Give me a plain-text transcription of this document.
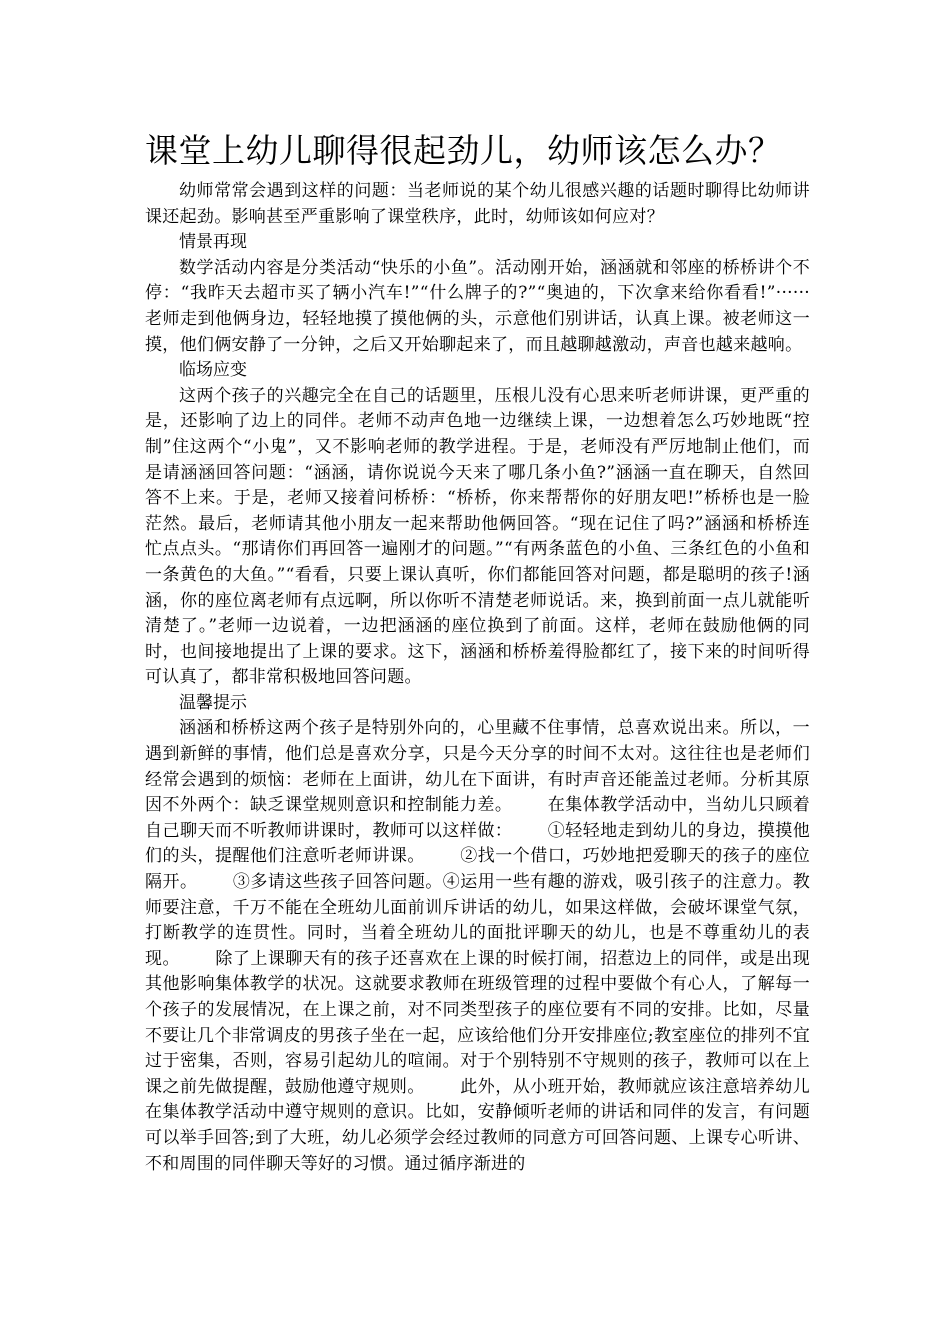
课堂上幼儿聊得很起劲儿，幼师该怎么办？

幼师常常会遇到这样的问题：当老师说的某个幼儿很感兴趣的话题时聊得比幼师讲课还起劲。影响甚至严重影响了课堂秩序，此时，幼师该如何应对？

情景再现

数学活动内容是分类活动“快乐的小鱼”。活动刚开始，涵涵就和邻座的桥桥讲个不停：“我昨天去超市买了辆小汽车!”“什么牌子的?”“奥迪的，下次拿来给你看看!”······  老师走到他俩身边，轻轻地摸了摸他俩的头，示意他们别讲话，认真上课。被老师这一摸，他们俩安静了一分钟，之后又开始聊起来了，而且越聊越激动，声音也越来越响。

临场应变

这两个孩子的兴趣完全在自己的话题里，压根儿没有心思来听老师讲课，更严重的是，还影响了边上的同伴。老师不动声色地一边继续上课，一边想着怎么巧妙地既“控制”住这两个“小鬼”，又不影响老师的教学进程。于是，老师没有严厉地制止他们，而是请涵涵回答问题：“涵涵，请你说说今天来了哪几条小鱼?”涵涵一直在聊天，自然回答不上来。于是，老师又接着问桥桥：“桥桥，你来帮帮你的好朋友吧!”桥桥也是一脸茫然。最后，老师请其他小朋友一起来帮助他俩回答。“现在记住了吗?”涵涵和桥桥连忙点点头。“那请你们再回答一遍刚才的问题。”“有两条蓝色的小鱼、三条红色的小鱼和一条黄色的大鱼。”“看看，只要上课认真听，你们都能回答对问题，都是聪明的孩子!涵涵，你的座位离老师有点远啊，所以你听不清楚老师说话。来，换到前面一点儿就能听清楚了。”老师一边说着，一边把涵涵的座位换到了前面。这样，老师在鼓励他俩的同时，也间接地提出了上课的要求。这下，涵涵和桥桥羞得脸都红了，接下来的时间听得可认真了，都非常积极地回答问题。

温馨提示

涵涵和桥桥这两个孩子是特别外向的，心里藏不住事情，总喜欢说出来。所以，一遇到新鲜的事情，他们总是喜欢分享，只是今天分享的时间不太对。这往往也是老师们经常会遇到的烦恼：老师在上面讲，幼儿在下面讲，有时声音还能盖过老师。分析其原因不外两个：缺乏课堂规则意识和控制能力差。      在集体教学活动中，当幼儿只顾着自己聊天而不听教师讲课时，教师可以这样做：      ①轻轻地走到幼儿的身边，摸摸他们的头，提醒他们注意听老师讲课。      ②找一个借口，巧妙地把爱聊天的孩子的座位隔开。      ③多请这些孩子回答问题。④运用一些有趣的游戏，吸引孩子的注意力。教师要注意，千万不能在全班幼儿面前训斥讲话的幼儿，如果这样做，会破坏课堂气氛，打断教学的连贯性。同时，当着全班幼儿的面批评聊天的幼儿，也是不尊重幼儿的表现。      除了上课聊天有的孩子还喜欢在上课的时候打闹，招惹边上的同伴，或是出现其他影响集体教学的状况。这就要求教师在班级管理的过程中要做个有心人，了解每一个孩子的发展情况，在上课之前，对不同类型孩子的座位要有不同的安排。比如，尽量不要让几个非常调皮的男孩子坐在一起，应该给他们分开安排座位;教室座位的排列不宜过于密集，否则，容易引起幼儿的喧闹。对于个别特别不守规则的孩子，教师可以在上课之前先做提醒，鼓励他遵守规则。      此外，从小班开始，教师就应该注意培养幼儿在集体教学活动中遵守规则的意识。比如，安静倾听老师的讲话和同伴的发言，有问题可以举手回答;到了大班，幼儿必须学会经过教师的同意方可回答问题、上课专心听讲、不和周围的同伴聊天等好的习惯。通过循序渐进的
